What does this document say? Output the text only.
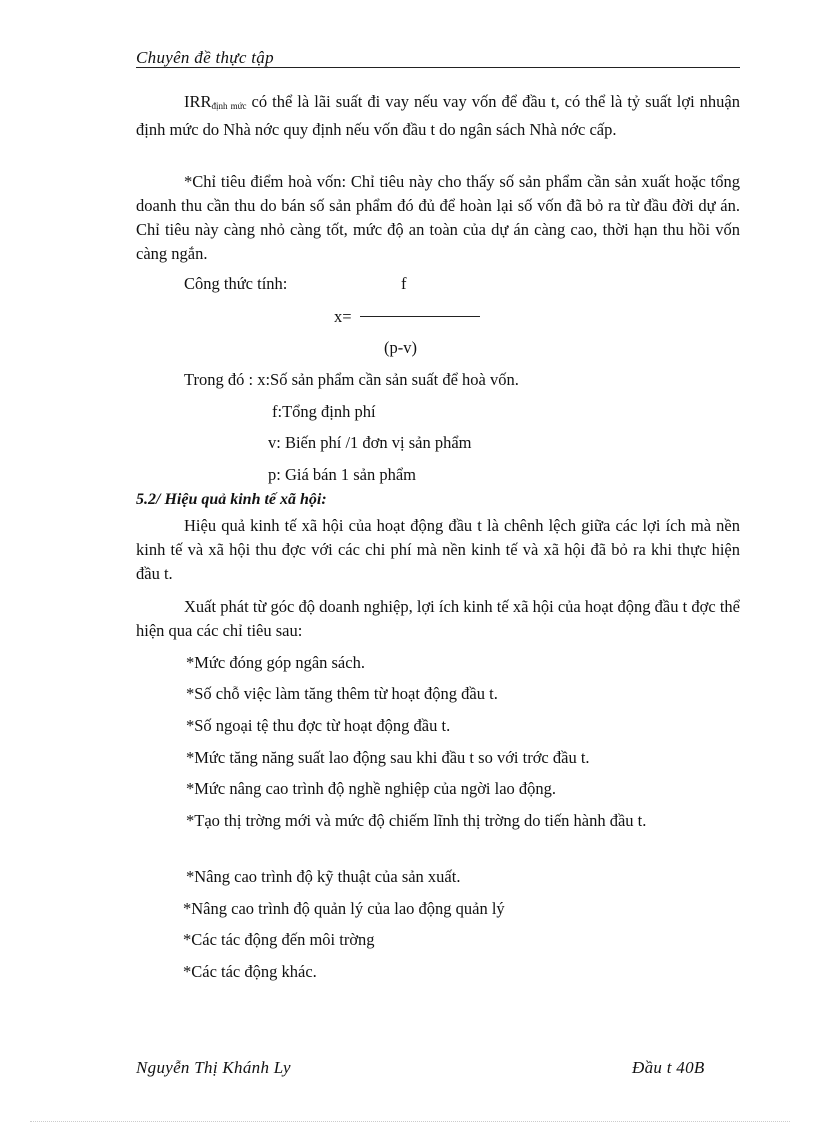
Chuyên đề thực tập
$IRR_{định mức}$ có thể là lãi suất đi vay nếu vay vốn để đầu t, có thể là tỷ suất lợi nhuận định mức do Nhà nớc quy định nếu vốn đầu t do ngân sách Nhà nớc cấp.
*Chỉ tiêu điểm hoà vốn: Chỉ tiêu này cho thấy số sản phẩm cần sản xuất hoặc tổng doanh thu cần thu do bán số sản phẩm đó đủ để hoàn lại số vốn đã bỏ ra từ đầu đời dự án. Chỉ tiêu này càng nhỏ càng tốt, mức độ an toàn của dự án càng cao, thời hạn thu hồi vốn càng ngắn.
Công thức tính:	f
x=
(p-v)
Trong đó : x:Số sản phẩm cần sản suất để hoà vốn.
f:Tổng định phí
v: Biến phí /1 đơn vị sản phẩm
p: Giá bán 1 sản phẩm
5.2/ Hiệu quả kinh tế xã hội:
Hiệu quả kinh tế xã hội của hoạt động đầu t là chênh lệch giữa các lợi ích mà nền kinh tế và xã hội thu đợc với các chi phí mà nền kinh tế và xã hội đã bỏ ra khi thực hiện đầu t.
Xuất phát từ góc độ doanh nghiệp, lợi ích kinh tế xã hội của hoạt động đầu t đợc thể hiện qua các chỉ tiêu sau:
*Mức đóng góp ngân sách.
*Số chỗ việc làm tăng thêm từ hoạt động đầu t.
*Số ngoại tệ thu đợc từ hoạt động đầu t.
*Mức tăng năng suất lao động sau khi đầu t so với trớc đầu t.
*Mức nâng cao trình độ nghề nghiệp của ngời lao động.
*Tạo thị trờng mới và mức độ chiếm lĩnh thị trờng do tiến hành đầu t.
*Nâng cao trình độ kỹ thuật của sản xuất.
*Nâng cao trình độ quản lý của lao động quản lý
*Các tác động đến môi trờng
*Các tác động khác.
Nguyễn Thị Khánh Ly	Đầu t 40B
